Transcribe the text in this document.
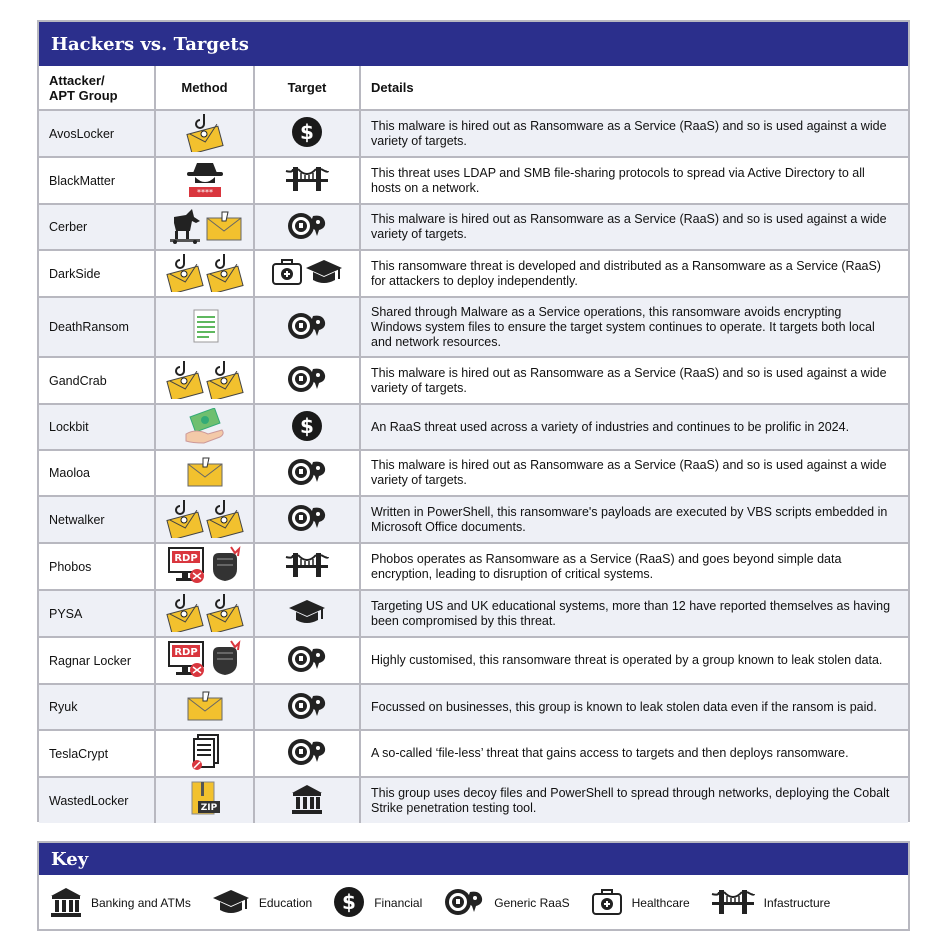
Hackers vs. Targets
Attacker/
APT Group	Method	Target	Details
AvosLocker		$	This malware is hired out as Ransomware as a Service (RaaS) and so is used against a wide variety of targets.
BlackMatter	****		This threat uses LDAP and SMB file-sharing protocols to spread via Active Directory to all hosts on a network.
Cerber			This malware is hired out as Ransomware as a Service (RaaS) and so is used against a wide variety of targets.
DarkSide			This ransomware threat is developed and distributed as a Ransomware as a Service (RaaS) for attackers to deploy independently.
DeathRansom			Shared through Malware as a Service operations, this ransomware avoids encrypting Windows system files to ensure the target system continues to operate. It targets both local and network resources.
GandCrab			This malware is hired out as Ransomware as a Service (RaaS) and so is used against a wide variety of targets.
Lockbit		$	An RaaS threat used across a variety of industries and continues to be prolific in 2024.
Maoloa			This malware is hired out as Ransomware as a Service (RaaS) and so is used against a wide variety of targets.
Netwalker			Written in PowerShell, this ransomware's payloads are executed by VBS scripts embedded in Microsoft Office documents.
Phobos	RDP		Phobos operates as Ransomware as a Service (RaaS) and goes beyond simple data encryption, leading to disruption of critical systems.
PYSA			Targeting US and UK educational systems, more than 12 have reported themselves as having been compromised by this threat.
Ragnar Locker	RDP		Highly customised, this ransomware threat is operated by a group known to leak stolen data.
Ryuk			Focussed on businesses, this group is known to leak stolen data even if the ransom is paid.
TeslaCrypt			A so-called ‘file-less’ threat that gains access to targets and then deploys ransomware.
WastedLocker	ZIP		This group uses decoy files and PowerShell to spread through networks, deploying the Cobalt Strike penetration testing tool.
Key
Banking and ATMs	Education $ Financial	Generic RaaS	Healthcare	Infastructure
